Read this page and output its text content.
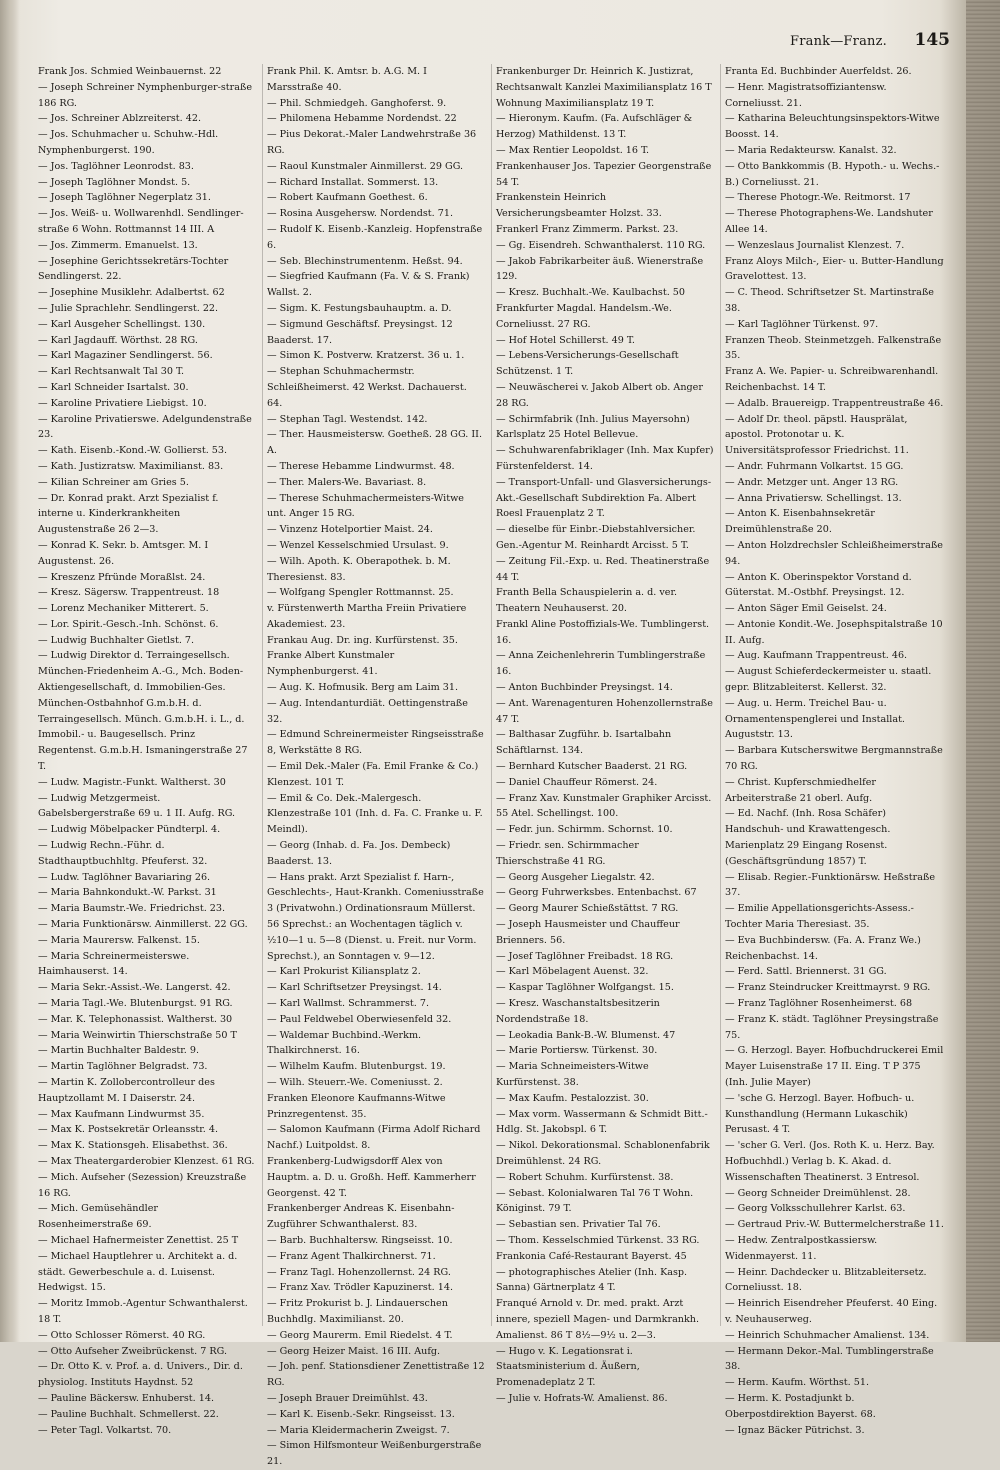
Frank—Franz. 145
Frank Jos. Schmied Weinbauernst. 22
— Joseph Schreiner Nymphenburger-straße 186 RG.
— Jos. Schreiner Ablzreiterst. 42.
— Jos. Schuhmacher u. Schuhw.-Hdl. Nymphenburgerst. 190.
— Jos. Taglöhner Leonrodst. 83.
— Joseph Taglöhner Mondst. 5.
— Joseph Taglöhner Negerplatz 31.
— Jos. Weiß- u. Wollwarenhdl. Sendlinger-straße 6 Wohn. Rottmannst 14 III. A
— Jos. Zimmerm. Emanuelst. 13.
— Josephine Gerichtssekretärs-Tochter Sendlingerst. 22.
— Josephine Musiklehr. Adalbertst. 62
— Julie Sprachlehr. Sendlingerst. 22.
— Karl Ausgeher Schellingst. 130.
— Karl Jagdauff. Wörthst. 28 RG.
— Karl Magaziner Sendlingerst. 56.
— Karl Rechtsanwalt Tal 30 T.
— Karl Schneider Isartalst. 30.
— Karoline Privatiere Liebigst. 10.
— Karoline Privatierswe. Adelgundenstraße 23.
— Kath. Eisenb.-Kond.-W. Gollierst. 53.
— Kath. Justizratsw. Maximilianst. 83.
— Kilian Schreiner am Gries 5.
— Dr. Konrad prakt. Arzt Spezialist f. interne u. Kinderkrankheiten Augustenstraße 26 2—3.
— Konrad K. Sekr. b. Amtsger. M. I Augustenst. 26.
— Kreszenz Pfründe Moraßlst. 24.
— Kresz. Sägersw. Trappentreust. 18
— Lorenz Mechaniker Mitterert. 5.
— Lor. Spirit.-Gesch.-Inh. Schönst. 6.
— Ludwig Buchhalter Gietlst. 7.
— Ludwig Direktor d. Terraingesellsch. München-Friedenheim A.-G., Mch. Boden-Aktiengesellschaft, d. Immobilien-Ges. München-Ostbahnhof G.m.b.H. d. Terraingesellsch. Münch. G.m.b.H. i. L., d. Immobil.- u. Baugesellsch. Prinz Regentenst. G.m.b.H. Ismaningerstraße 27 T.
— Ludw. Magistr.-Funkt. Waltherst. 30
— Ludwig Metzgermeist. Gabelsbergerstraße 69 u. 1 II. Aufg. RG.
— Ludwig Möbelpacker Pündterpl. 4.
— Ludwig Rechn.-Führ. d. Stadthauptbuchhltg. Pfeuferst. 32.
— Ludw. Taglöhner Bavariaring 26.
— Maria Bahnkondukt.-W. Parkst. 31
— Maria Baumstr.-We. Friedrichst. 23.
— Maria Funktionärsw. Ainmillerst. 22 GG.
— Maria Maurersw. Falkenst. 15.
— Maria Schreinermeisterswe. Haimhauserst. 14.
— Maria Sekr.-Assist.-We. Langerst. 42.
— Maria Tagl.-We. Blutenburgst. 91 RG.
— Mar. K. Telephonassist. Waltherst. 30
— Maria Weinwirtin Thierschstraße 50 T
— Martin Buchhalter Baldestr. 9.
— Martin Taglöhner Belgradst. 73.
— Martin K. Zollobercontrolleur des Hauptzollamt M. I Daiserstr. 24.
— Max Kaufmann Lindwurmst 35.
— Max K. Postsekretär Orleansstr. 4.
— Max K. Stationsgeh. Elisabethst. 36.
— Max Theatergarderobier Klenzest. 61 RG.
— Mich. Aufseher (Sezession) Kreuzstraße 16 RG.
— Mich. Gemüsehändler Rosenheimerstraße 69.
— Michael Hafnermeister Zenettist. 25 T
— Michael Hauptlehrer u. Architekt a. d. städt. Gewerbeschule a. d. Luisenst. Hedwigst. 15.
— Moritz Immob.-Agentur Schwanthalerst. 18 T.
— Otto Schlosser Römerst. 40 RG.
— Otto Aufseher Zweibrückenst. 7 RG.
— Dr. Otto K. v. Prof. a. d. Univers., Dir. d. physiolog. Instituts Haydnst. 52
— Pauline Bäckersw. Enhuberst. 14.
— Pauline Buchhalt. Schmellerst. 22.
— Peter Tagl. Volkartst. 70.
Frank Phil. K. Amtsr. b. A.G. M. I Marsstraße 40.
— Phil. Schmiedgeh. Ganghoferst. 9.
— Philomena Hebamme Nordendst. 22
— Pius Dekorat.-Maler Landwehrstraße 36 RG.
— Raoul Kunstmaler Ainmillerst. 29 GG.
— Richard Installat. Sommerst. 13.
— Robert Kaufmann Goethest. 6.
— Rosina Ausgehersw. Nordendst. 71.
— Rudolf K. Eisenb.-Kanzleig. Hopfenstraße 6.
— Seb. Blechinstrumentenm. Heßst. 94.
— Siegfried Kaufmann (Fa. V. & S. Frank) Wallst. 2.
— Sigm. K. Festungsbauhauptm. a. D.
— Sigmund Geschäftsf. Preysingst. 12 Baaderst. 17.
— Simon K. Postverw. Kratzerst. 36 u. 1.
— Stephan Schuhmachermstr. Schleißheimerst. 42 Werkst. Dachauerst. 64.
— Stephan Tagl. Westendst. 142.
— Ther. Hausmeistersw. Goetheß. 28 GG. II. A.
— Therese Hebamme Lindwurmst. 48.
— Ther. Malers-We. Bavariast. 8.
— Therese Schuhmachermeisters-Witwe unt. Anger 15 RG.
— Vinzenz Hotelportier Maist. 24.
— Wenzel Kesselschmied Ursulast. 9.
— Wilh. Apoth. K. Oberapothek. b. M. Theresienst. 83.
— Wolfgang Spengler Rottmannst. 25.
v. Fürstenwerth Martha Freiin Privatiere Akademiest. 23.
Frankau Aug. Dr. ing. Kurfürstenst. 35.
Franke Albert Kunstmaler Nymphenburgerst. 41.
— Aug. K. Hofmusik. Berg am Laim 31.
— Aug. Intendanturdiät. Oettingenstraße 32.
— Edmund Schreinermeister Ringseisstraße 8, Werkstätte 8 RG.
— Emil Dek.-Maler (Fa. Emil Franke & Co.) Klenzest. 101 T.
— Emil & Co. Dek.-Malergesch. Klenzestraße 101 (Inh. d. Fa. C. Franke u. F. Meindl).
— Georg (Inhab. d. Fa. Jos. Dembeck) Baaderst. 13.
— Hans prakt. Arzt Spezialist f. Harn-, Geschlechts-, Haut-Krankh. Comeniusstraße 3 (Privatwohn.) Ordinationsraum Müllerst. 56 Sprechst.: an Wochentagen täglich v. ½10—1 u. 5—8 (Dienst. u. Freit. nur Vorm. Sprechst.), an Sonntagen v. 9—12.
— Karl Prokurist Kiliansplatz 2.
— Karl Schriftsetzer Preysingst. 14.
— Karl Wallmst. Schrammerst. 7.
— Paul Feldwebel Oberwiesenfeld 32.
— Waldemar Buchbind.-Werkm. Thalkirchnerst. 16.
— Wilhelm Kaufm. Blutenburgst. 19.
— Wilh. Steuerr.-We. Comeniusst. 2.
Franken Eleonore Kaufmanns-Witwe Prinzregentenst. 35.
— Salomon Kaufmann (Firma Adolf Richard Nachf.) Luitpoldst. 8.
Frankenberg-Ludwigsdorff Alex von Hauptm. a. D. u. Großh. Heff. Kammerherr Georgenst. 42 T.
Frankenberger Andreas K. Eisenbahn-Zugführer Schwanthalerst. 83.
— Barb. Buchhaltersw. Ringseisst. 10.
— Franz Agent Thalkirchnerst. 71.
— Franz Tagl. Hohenzollernst. 24 RG.
— Franz Xav. Trödler Kapuzinerst. 14.
— Fritz Prokurist b. J. Lindauerschen Buchhdlg. Maximilianst. 20.
— Georg Maurerm. Emil Riedelst. 4 T.
— Georg Heizer Maist. 16 III. Aufg.
— Joh. penf. Stationsdiener Zenettistraße 12 RG.
— Joseph Brauer Dreimühlst. 43.
— Karl K. Eisenb.-Sekr. Ringseisst. 13.
— Maria Kleidermacherin Zweigst. 7.
— Simon Hilfsmonteur Weißenburgerstraße 21.
Frankenburger Dr. Heinrich K. Justizrat, Rechtsanwalt Kanzlei Maximiliansplatz 16 T Wohnung Maximiliansplatz 19 T.
— Hieronym. Kaufm. (Fa. Aufschläger & Herzog) Mathildenst. 13 T.
— Max Rentier Leopoldst. 16 T.
Frankenhauser Jos. Tapezier Georgenstraße 54 T.
Frankenstein Heinrich Versicherungsbeamter Holzst. 33.
Frankerl Franz Zimmerm. Parkst. 23.
— Gg. Eisendreh. Schwanthalerst. 110 RG.
— Jakob Fabrikarbeiter äuß. Wienerstraße 129.
— Kresz. Buchhalt.-We. Kaulbachst. 50
Frankfurter Magdal. Handelsm.-We. Corneliusst. 27 RG.
— Hof Hotel Schillerst. 49 T.
— Lebens-Versicherungs-Gesellschaft Schützenst. 1 T.
— Neuwäscherei v. Jakob Albert ob. Anger 28 RG.
— Schirmfabrik (Inh. Julius Mayersohn) Karlsplatz 25 Hotel Bellevue.
— Schuhwarenfabriklager (Inh. Max Kupfer) Fürstenfelderst. 14.
— Transport-Unfall- und Glasversicherungs-Akt.-Gesellschaft Subdirektion Fa. Albert Roesl Frauenplatz 2 T.
— dieselbe für Einbr.-Diebstahlversicher. Gen.-Agentur M. Reinhardt Arcisst. 5 T.
— Zeitung Fil.-Exp. u. Red. Theatinerstraße 44 T.
Franth Bella Schauspielerin a. d. ver. Theatern Neuhauserst. 20.
Frankl Aline Postoffizials-We. Tumblingerst. 16.
— Anna Zeichenlehrerin Tumblingerstraße 16.
— Anton Buchbinder Preysingst. 14.
— Ant. Warenagenturen Hohenzollernstraße 47 T.
— Balthasar Zugführ. b. Isartalbahn Schäftlarnst. 134.
— Bernhard Kutscher Baaderst. 21 RG.
— Daniel Chauffeur Römerst. 24.
— Franz Xav. Kunstmaler Graphiker Arcisst. 55 Atel. Schellingst. 100.
— Fedr. jun. Schirmm. Schornst. 10.
— Friedr. sen. Schirmmacher Thierschstraße 41 RG.
— Georg Ausgeher Liegalstr. 42.
— Georg Fuhrwerksbes. Entenbachst. 67
— Georg Maurer Schießstättst. 7 RG.
— Joseph Hausmeister und Chauffeur Brienners. 56.
— Josef Taglöhner Freibadst. 18 RG.
— Karl Möbelagent Auenst. 32.
— Kaspar Taglöhner Wolfgangst. 15.
— Kresz. Waschanstaltsbesitzerin Nordendstraße 18.
— Leokadia Bank-B.-W. Blumenst. 47
— Marie Portiersw. Türkenst. 30.
— Maria Schneimeisters-Witwe Kurfürstenst. 38.
— Max Kaufm. Pestalozzist. 30.
— Max vorm. Wassermann & Schmidt Bitt.-Hdlg. St. Jakobspl. 6 T.
— Nikol. Dekorationsmal. Schablonenfabrik Dreimühlenst. 24 RG.
— Robert Schuhm. Kurfürstenst. 38.
— Sebast. Kolonialwaren Tal 76 T Wohn. Königinst. 79 T.
— Sebastian sen. Privatier Tal 76.
— Thom. Kesselschmied Türkenst. 33 RG.
Frankonia Café-Restaurant Bayerst. 45
— photographisches Atelier (Inh. Kasp. Sanna) Gärtnerplatz 4 T.
Franqué Arnold v. Dr. med. prakt. Arzt innere, speziell Magen- und Darmkrankh. Amalienst. 86 T 8½—9½ u. 2—3.
— Hugo v. K. Legationsrat i. Staatsministerium d. Äußern, Promenadeplatz 2 T.
— Julie v. Hofrats-W. Amalienst. 86.
Franta Ed. Buchbinder Auerfeldst. 26.
— Henr. Magistratsoffiziantensw. Corneliusst. 21.
— Katharina Beleuchtungsinspektors-Witwe Boosst. 14.
— Maria Redakteursw. Kanalst. 32.
— Otto Bankkommis (B. Hypoth.- u. Wechs.-B.) Corneliusst. 21.
— Therese Photogr.-We. Reitmorst. 17
— Therese Photographens-We. Landshuter Allee 14.
— Wenzeslaus Journalist Klenzest. 7.
Franz Aloys Milch-, Eier- u. Butter-Handlung Gravelottest. 13.
— C. Theod. Schriftsetzer St. Martinstraße 38.
— Karl Taglöhner Türkenst. 97.
Franzen Theob. Steinmetzgeh. Falkenstraße 35.
Franz A. We. Papier- u. Schreibwarenhandl. Reichenbachst. 14 T.
— Adalb. Brauereigp. Trappentreustraße 46.
— Adolf Dr. theol. päpstl. Hausprälat, apostol. Protonotar u. K. Universitätsprofessor Friedrichst. 11.
— Andr. Fuhrmann Volkartst. 15 GG.
— Andr. Metzger unt. Anger 13 RG.
— Anna Privatiersw. Schellingst. 13.
— Anton K. Eisenbahnsekretär Dreimühlenstraße 20.
— Anton Holzdrechsler Schleißheimerstraße 94.
— Anton K. Oberinspektor Vorstand d. Güterstat. M.-Ostbhf. Preysingst. 12.
— Anton Säger Emil Geiselst. 24.
— Antonie Kondit.-We. Josephspitalstraße 10 II. Aufg.
— Aug. Kaufmann Trappentreust. 46.
— August Schieferdeckermeister u. staatl. gepr. Blitzableiterst. Kellerst. 32.
— Aug. u. Herm. Treichel Bau- u. Ornamentenspenglerei und Installat. Auguststr. 13.
— Barbara Kutscherswitwe Bergmannstraße 70 RG.
— Christ. Kupferschmiedhelfer Arbeiterstraße 21 oberl. Aufg.
— Ed. Nachf. (Inh. Rosa Schäfer) Handschuh- und Krawattengesch. Marienplatz 29 Eingang Rosenst. (Geschäftsgründung 1857) T.
— Elisab. Regier.-Funktionärsw. Heßstraße 37.
— Emilie Appellationsgerichts-Assess.-Tochter Maria Theresiast. 35.
— Eva Buchbindersw. (Fa. A. Franz We.) Reichenbachst. 14.
— Ferd. Sattl. Briennerst. 31 GG.
— Franz Steindrucker Kreittmayrst. 9 RG.
— Franz Taglöhner Rosenheimerst. 68
— Franz K. städt. Taglöhner Preysingstraße 75.
— G. Herzogl. Bayer. Hofbuchdruckerei Emil Mayer Luisenstraße 17 II. Eing. T P 375 (Inh. Julie Mayer)
— 'sche G. Herzogl. Bayer. Hofbuch- u. Kunsthandlung (Hermann Lukaschik) Perusast. 4 T.
— 'scher G. Verl. (Jos. Roth K. u. Herz. Bay. Hofbuchhdl.) Verlag b. K. Akad. d. Wissenschaften Theatinerst. 3 Entresol.
— Georg Schneider Dreimühlenst. 28.
— Georg Volksschullehrer Karlst. 63.
— Gertraud Priv.-W. Buttermelcherstraße 11.
— Hedw. Zentralpostkassiersw. Widenmayerst. 11.
— Heinr. Dachdecker u. Blitzableitersetz. Corneliusst. 18.
— Heinrich Eisendreher Pfeuferst. 40 Eing. v. Neuhauserweg.
— Heinrich Schuhmacher Amalienst. 134.
— Hermann Dekor.-Mal. Tumblingerstraße 38.
— Herm. Kaufm. Wörthst. 51.
— Herm. K. Postadjunkt b. Oberpostdirektion Bayerst. 68.
— Ignaz Bäcker Pütrichst. 3.
